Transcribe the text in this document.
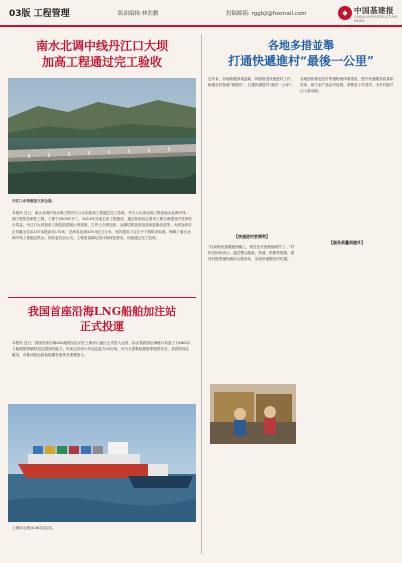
03版 工程管理	版面编辑:林浩鹏	投稿邮箱: rggbjl@foxmail.com	◆ 中国基建报
CHINA INFRASTRUCTURE NEWS
南水北调中线丹江口大坝
加高工程通过完工验收
丹江口水利枢纽大坝全景。
本报讯 近日，南水北调中线水源工程丹江口大坝加高工程通过完工验收。丹江口大坝加高工程是南水北调中线一期工程的控制性工程，工程于2005年开工，2013年完成主体工程建设，通过验收标志着该工程全面建成并发挥综合效益。丹江口大坝加高工程包括混凝土坝加高、左岸土石坝加高、金属结构及机电设备更新改造等。大坝加高后正常蓄水位由157米提高至170米，总库容达到319.5亿立方米，有效提高了汉江中下游防洪标准，保障了南水北调中线工程稳定供水。验收委员会认为，工程质量满足设计和规范要求，同意通过完工验收。
我国首座沿海LNG船舶加注站
正式投運
本报讯 近日，我国首座沿海LNG船舶加注站在上海洋山港区正式投入运营，标志着我国沿海港口具备了为LNG动力船舶提供燃料加注服务的能力。该加注站设计年加注能力20万吨，可为大型集装箱船等提供安全、高效的加注服务，对推动航运绿色低碳发展具有重要意义。
上海洋山港区LNG加注站。
各地多措並舉
打通快遞進村“最後一公里”
近年来，各地积极探索创新，持续推进快递进村工作，畅通农村物流“微循环”，打通快递进村“最后一公里”。
【快递进村更便利】
“以前取快递要跑到镇上，现在在村里就能取件了。”村民们纷纷表示。通过整合邮政、快递、供销等资源，建设村级寄递物流综合服务站，实现快递服务村村通。
各地加快推进农村寄递物流体系建设，提升快递服务质量和效率，助力农产品出村进城、消费品下乡进村，为乡村振兴注入新动能。
【服务质量再提升】
